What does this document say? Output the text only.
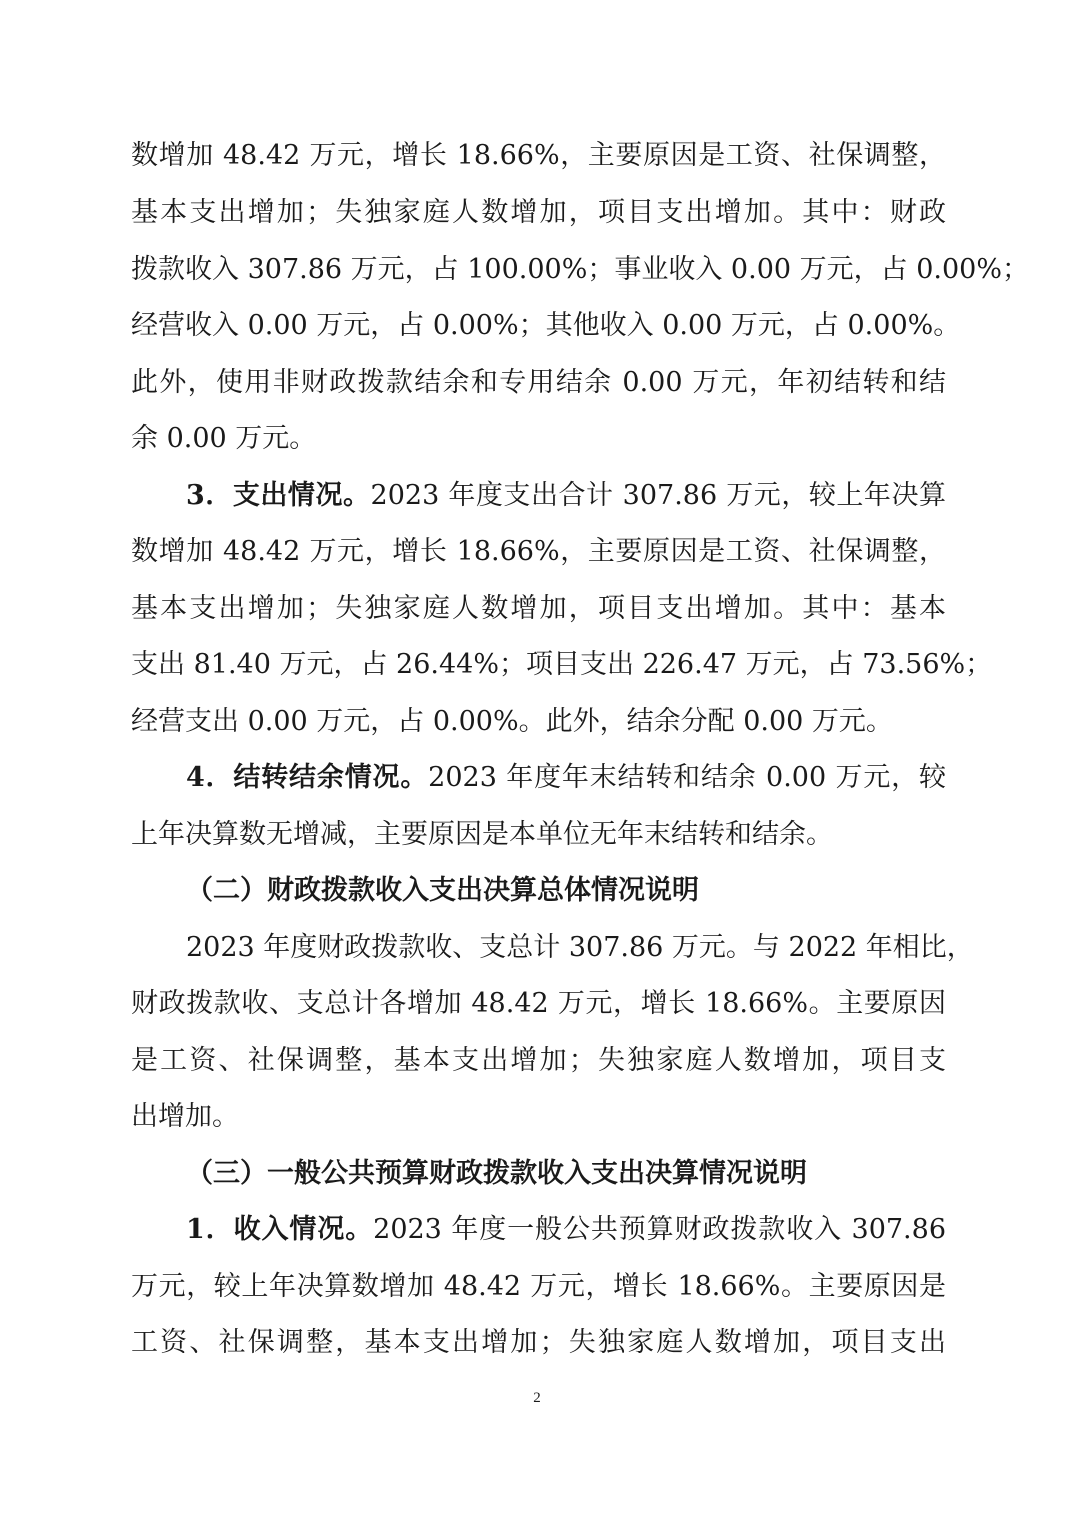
数增加 48.42 万元，增长 18.66%，主要原因是工资、社保调整，
基本支出增加；失独家庭人数增加，项目支出增加。其中：财政
拨款收入 307.86 万元，占 100.00%；事业收入 0.00 万元，占 0.00%；
经营收入 0.00 万元，占 0.00%；其他收入 0.00 万元，占 0.00%。
此外，使用非财政拨款结余和专用结余 0.00 万元，年初结转和结
余 0.00 万元。
3．支出情况。2023 年度支出合计 307.86 万元，较上年决算
数增加 48.42 万元，增长 18.66%，主要原因是工资、社保调整，
基本支出增加；失独家庭人数增加，项目支出增加。其中：基本
支出 81.40 万元，占 26.44%；项目支出 226.47 万元，占 73.56%；
经营支出 0.00 万元，占 0.00%。此外，结余分配 0.00 万元。
4．结转结余情况。2023 年度年末结转和结余 0.00 万元，较
上年决算数无增减，主要原因是本单位无年末结转和结余。
（二）财政拨款收入支出决算总体情况说明
2023 年度财政拨款收、支总计 307.86 万元。与 2022 年相比，
财政拨款收、支总计各增加 48.42 万元，增长 18.66%。主要原因
是工资、社保调整，基本支出增加；失独家庭人数增加，项目支
出增加。
（三）一般公共预算财政拨款收入支出决算情况说明
1．收入情况。2023 年度一般公共预算财政拨款收入 307.86
万元，较上年决算数增加 48.42 万元，增长 18.66%。主要原因是
工资、社保调整，基本支出增加；失独家庭人数增加，项目支出
2
